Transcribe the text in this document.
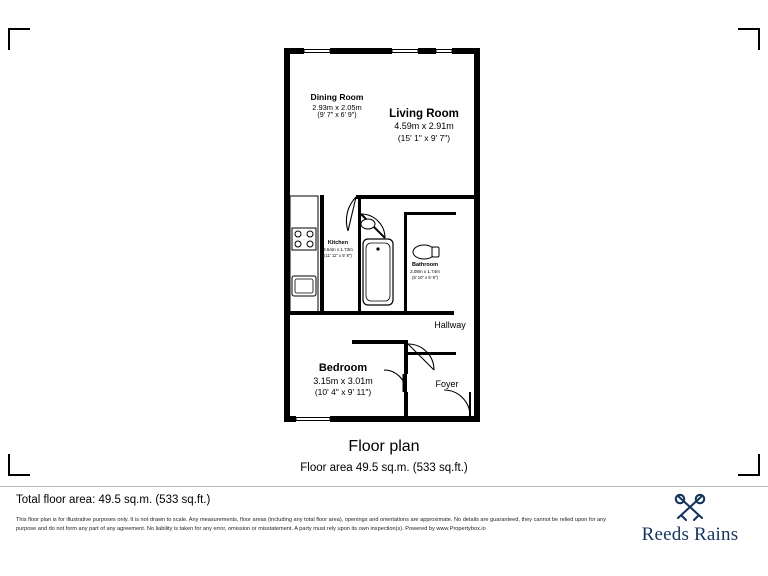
Dining Room
2.93m x 2.05m
(9' 7" x 6' 9")	Living Room
4.59m x 2.91m
(15' 1" x 9' 7")
Kitchen
3.64m x 1.73m
(11' 11" x 5' 8")
Bathroom
2.08m x 1.74m
(6' 10" x 5' 9")
Bedroom
3.15m x 3.01m
(10' 4" x 9' 11")
Hallway
Foyer
Floor plan
Floor area 49.5 sq.m. (533 sq.ft.)
Total floor area: 49.5 sq.m. (533 sq.ft.)
This floor plan is for illustrative purposes only. It is not drawn to scale. Any measurements, floor areas (including any total floor area), openings and orientations are approximate. No details are guaranteed, they cannot be relied upon for any purpose and do not form any part of any agreement. No liability is taken for any error, omission or misstatement. A party must rely upon its own inspection(s). Powered by www.Propertybox.io	Reeds Rains
